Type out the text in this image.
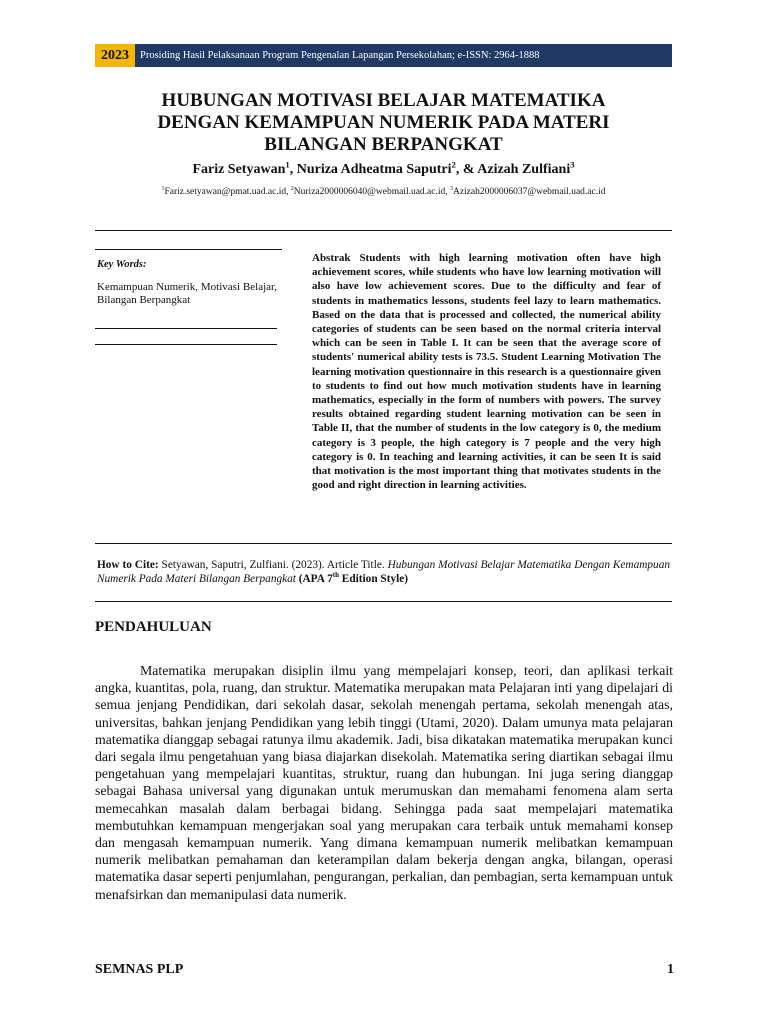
2023	Prosiding Hasil Pelaksanaan Program Pengenalan Lapangan Persekolahan; e-ISSN: 2964-1888
HUBUNGAN MOTIVASI BELAJAR MATEMATIKA
DENGAN KEMAMPUAN NUMERIK PADA MATERI
BILANGAN BERPANGKAT
Fariz Setyawan$^1$, Nuriza Adheatma Saputri$^2$, & Azizah Zulfiani$^3$
$^1$Fariz.setyawan@pmat.uad.ac.id, $^2$Nuriza2000006040@webmail.uad.ac.id, $^3$Azizah2000006037@webmail.uad.ac.id
Key Words:
Kemampuan Numerik, Motivasi Belajar, Bilangan Berpangkat
Abstrak Students with high learning motivation often have high achievement scores, while students who have low learning motivation will also have low achievement scores. Due to the difficulty and fear of students in mathematics lessons, students feel lazy to learn mathematics. Based on the data that is processed and collected, the numerical ability categories of students can be seen based on the normal criteria interval which can be seen in Table I. It can be seen that the average score of students' numerical ability tests is 73.5. Student Learning Motivation The learning motivation questionnaire in this research is a questionnaire given to students to find out how much motivation students have in learning mathematics, especially in the form of numbers with powers. The survey results obtained regarding student learning motivation can be seen in Table II, that the number of students in the low category is 0, the medium category is 3 people, the high category is 7 people and the very high category is 0. In teaching and learning activities, it can be seen It is said that motivation is the most important thing that motivates students in the good and right direction in learning activities.
How to Cite: Setyawan, Saputri, Zulfiani. (2023). Article Title. Hubungan Motivasi Belajar Matematika Dengan Kemampuan Numerik Pada Materi Bilangan Berpangkat (APA 7th Edition Style)
PENDAHULUAN
Matematika merupakan disiplin ilmu yang mempelajari konsep, teori, dan aplikasi terkait angka, kuantitas, pola, ruang, dan struktur. Matematika merupakan mata Pelajaran inti yang dipelajari di semua jenjang Pendidikan, dari sekolah dasar, sekolah menengah pertama, sekolah menengah atas, universitas, bahkan jenjang Pendidikan yang lebih tinggi (Utami, 2020). Dalam umunya mata pelajaran matematika dianggap sebagai ratunya ilmu akademik. Jadi, bisa dikatakan matematika merupakan kunci dari segala ilmu pengetahuan yang biasa diajarkan disekolah. Matematika sering diartikan sebagai ilmu pengetahuan yang mempelajari kuantitas, struktur, ruang dan hubungan. Ini juga sering dianggap sebagai Bahasa universal yang digunakan untuk merumuskan dan memahami fenomena alam serta memecahkan masalah dalam berbagai bidang. Sehingga pada saat mempelajari matematika membutuhkan kemampuan mengerjakan soal yang merupakan cara terbaik untuk memahami konsep dan mengasah kemampuan numerik. Yang dimana kemampuan numerik melibatkan kemampuan numerik melibatkan pemahaman dan keterampilan dalam bekerja dengan angka, bilangan, operasi matematika dasar seperti penjumlahan, pengurangan, perkalian, dan pembagian, serta kemampuan untuk menafsirkan dan memanipulasi data numerik.
SEMNAS PLP	1
